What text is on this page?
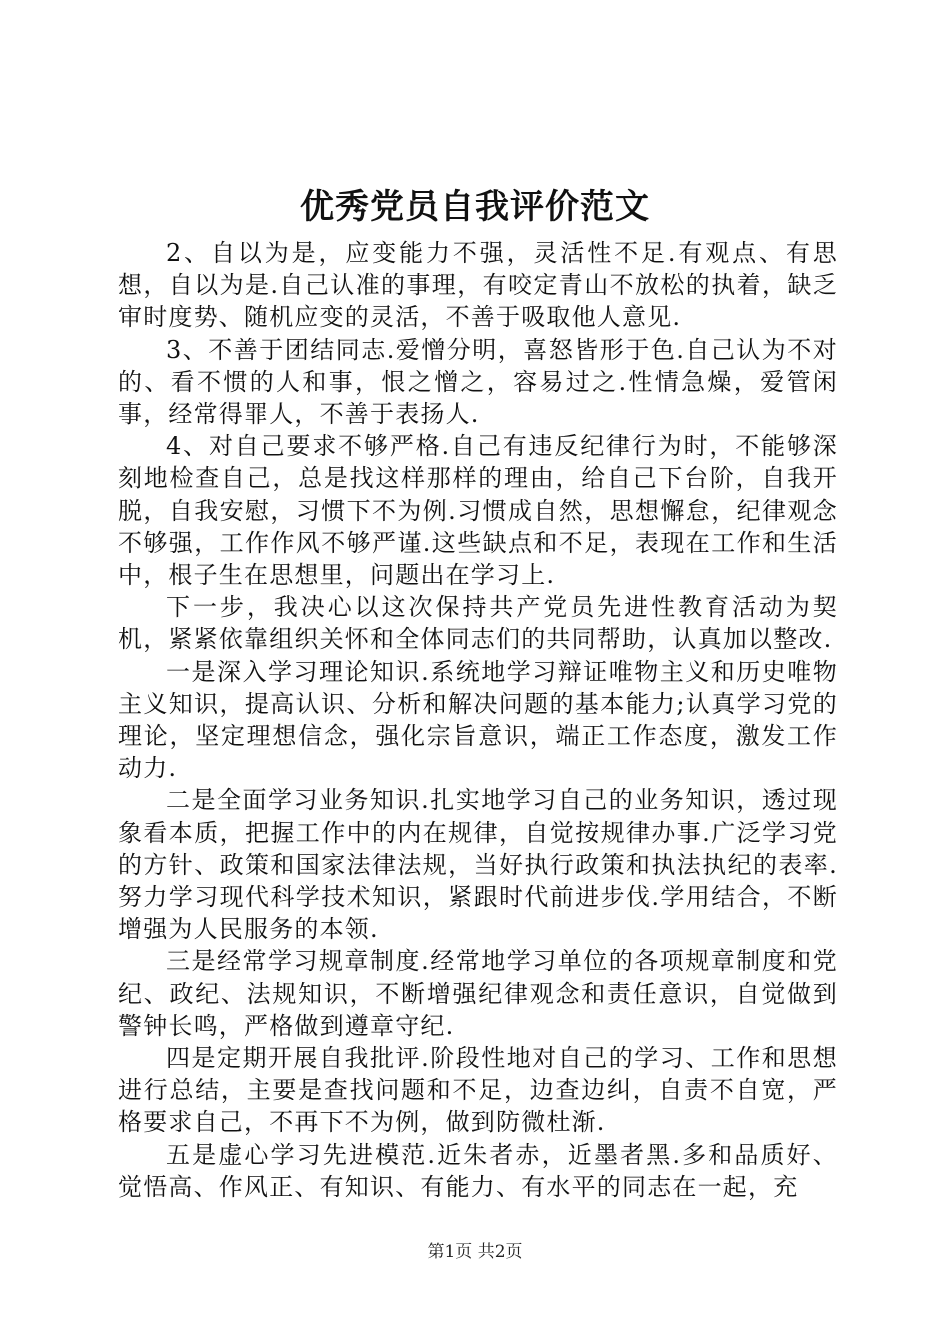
优秀党员自我评价范文

2、自以为是，应变能力不强，灵活性不足.有观点、有思想，自以为是.自己认准的事理，有咬定青山不放松的执着，缺乏审时度势、随机应变的灵活，不善于吸取他人意见.

3、不善于团结同志.爱憎分明，喜怒皆形于色.自己认为不对的、看不惯的人和事，恨之憎之，容易过之.性情急燥，爱管闲事，经常得罪人，不善于表扬人.

4、对自己要求不够严格.自己有违反纪律行为时，不能够深刻地检查自己，总是找这样那样的理由，给自己下台阶，自我开脱，自我安慰，习惯下不为例.习惯成自然，思想懈怠，纪律观念不够强，工作作风不够严谨.这些缺点和不足，表现在工作和生活中，根子生在思想里，问题出在学习上.

下一步，我决心以这次保持共产党员先进性教育活动为契机，紧紧依靠组织关怀和全体同志们的共同帮助，认真加以整改.

一是深入学习理论知识.系统地学习辩证唯物主义和历史唯物主义知识，提高认识、分析和解决问题的基本能力;认真学习党的理论，坚定理想信念，强化宗旨意识，端正工作态度，激发工作动力.

二是全面学习业务知识.扎实地学习自己的业务知识，透过现象看本质，把握工作中的内在规律，自觉按规律办事.广泛学习党的方针、政策和国家法律法规，当好执行政策和执法执纪的表率.努力学习现代科学技术知识，紧跟时代前进步伐.学用结合，不断增强为人民服务的本领.

三是经常学习规章制度.经常地学习单位的各项规章制度和党纪、政纪、法规知识，不断增强纪律观念和责任意识，自觉做到警钟长鸣，严格做到遵章守纪.

四是定期开展自我批评.阶段性地对自己的学习、工作和思想进行总结，主要是查找问题和不足，边查边纠，自责不自宽，严格要求自己，不再下不为例，做到防微杜渐.

五是虚心学习先进模范.近朱者赤，近墨者黑.多和品质好、觉悟高、作风正、有知识、有能力、有水平的同志在一起，充

第1页 共2页
